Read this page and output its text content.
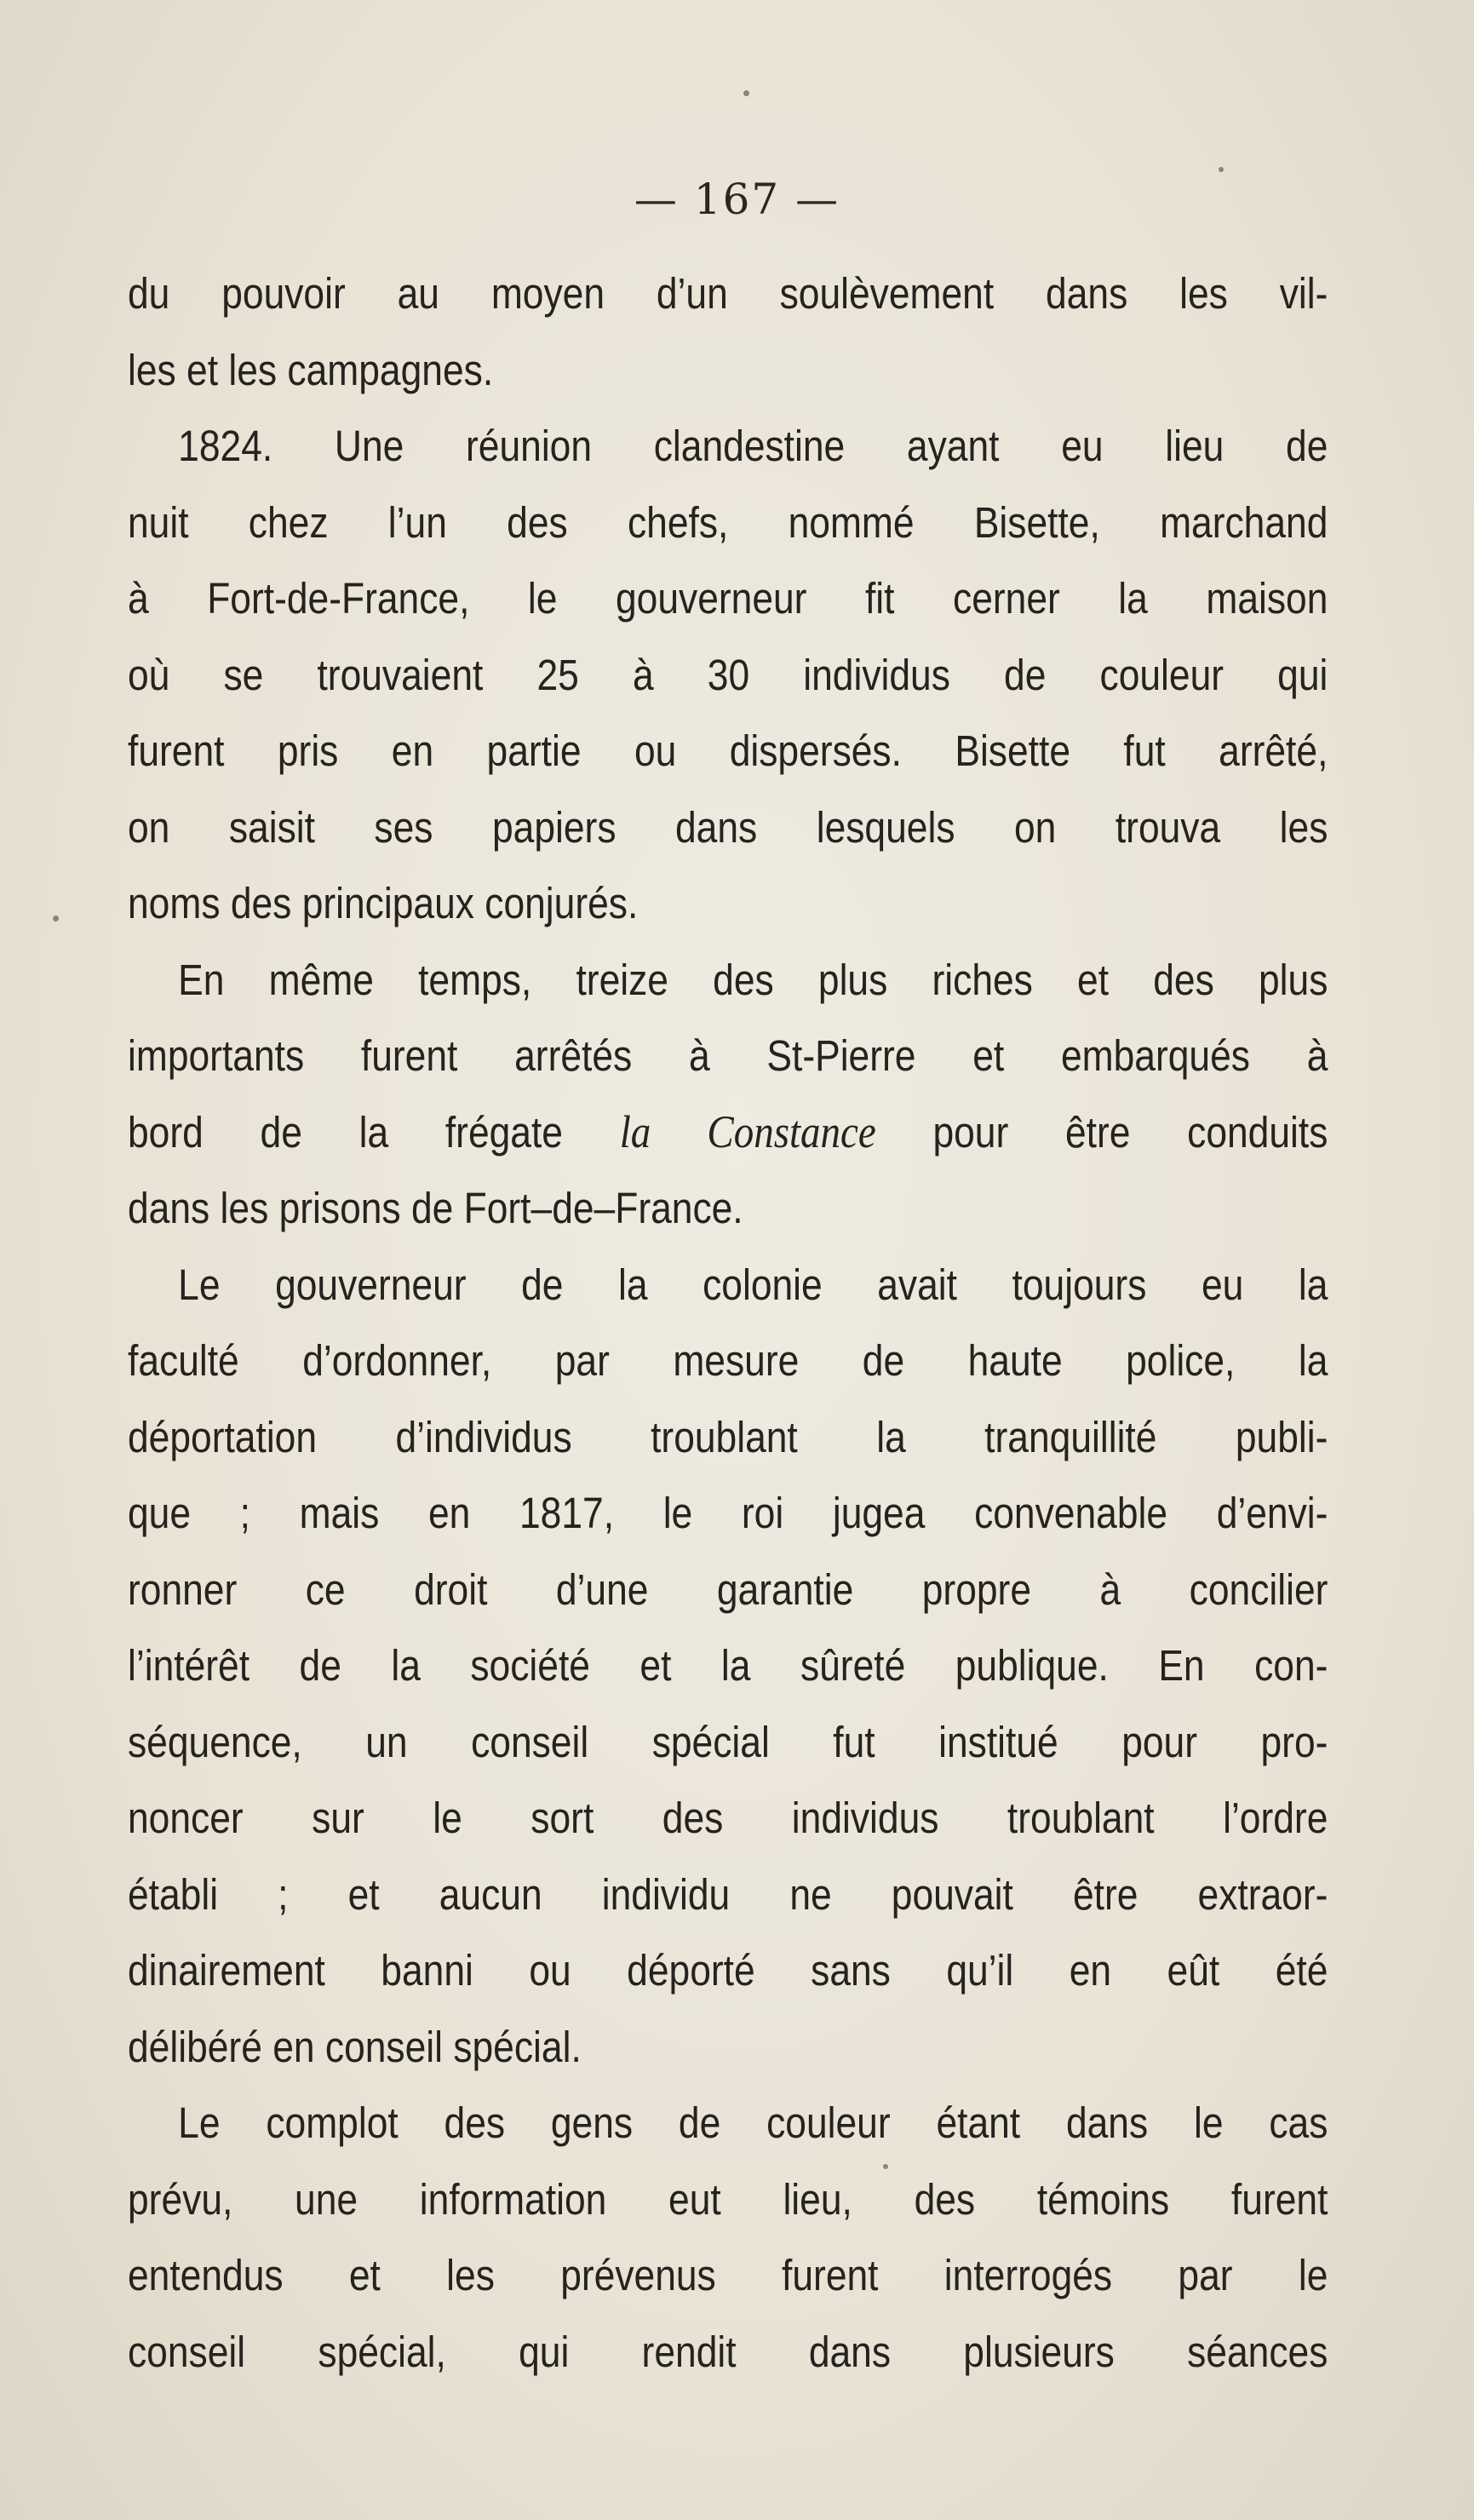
— 167 —
du pouvoir au moyen d’un soulèvement dans les vil-
les et les campagnes.
1824. Une réunion clandestine ayant eu lieu de
nuit chez l’un des chefs, nommé Bisette, marchand
à Fort-de-France, le gouverneur fit cerner la maison
où se trouvaient 25 à 30 individus de couleur qui
furent pris en partie ou dispersés. Bisette fut arrêté,
on saisit ses papiers dans lesquels on trouva les
noms des principaux conjurés.
En même temps, treize des plus riches et des plus
importants furent arrêtés à St-Pierre et embarqués à
bord de la frégate la Constance pour être conduits
dans les prisons de Fort–de–France.
Le gouverneur de la colonie avait toujours eu la
faculté d’ordonner, par mesure de haute police, la
déportation d’individus troublant la tranquillité publi-
que ; mais en 1817, le roi jugea convenable d’envi-
ronner ce droit d’une garantie propre à concilier
l’intérêt de la société et la sûreté publique. En con-
séquence, un conseil spécial fut institué pour pro-
noncer sur le sort des individus troublant l’ordre
établi ; et aucun individu ne pouvait être extraor-
dinairement banni ou déporté sans qu’il en eût été
délibéré en conseil spécial.
Le complot des gens de couleur étant dans le cas
prévu, une information eut lieu, des témoins furent
entendus et les prévenus furent interrogés par le
conseil spécial, qui rendit dans plusieurs séances
